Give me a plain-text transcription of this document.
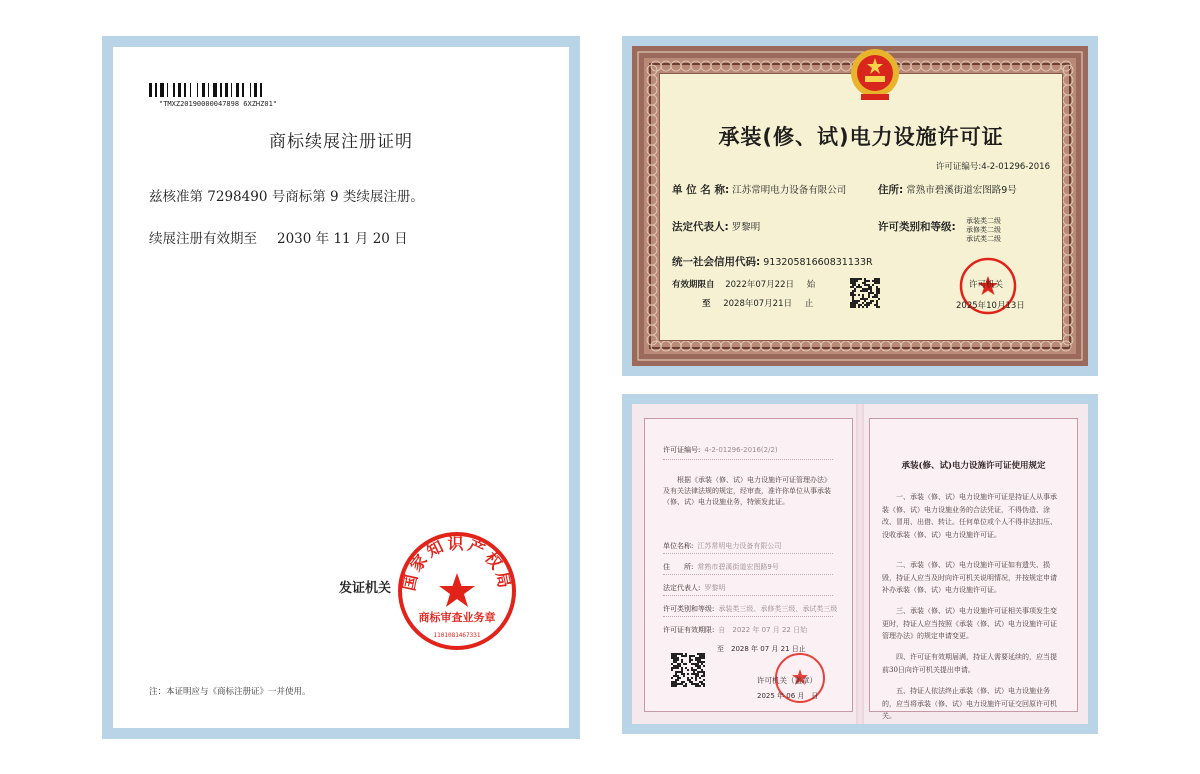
"TMXZ20190000047898 6XZHZ01"
商标续展注册证明
兹核准第 7298490 号商标第 9 类续展注册。
续展注册有效期至 2030 年 11 月 20 日
发证机关 国家知识产权局
商标审查业务章
1101081467331
注：本证明应与《商标注册证》一并使用。
承装(修、试)电力设施许可证
许可证编号:4-2-01296-2016
单 位 名 称: 江苏常明电力设备有限公司	住所: 常熟市碧溪街道宏图路9号
法定代表人: 罗黎明	许可类别和等级: 承装类二级
承修类二级
承试类二级
统一社会信用代码: 91320581660831133R
有效期限自 2022年07月22日 始
至 2028年07月21日 止
许可机关
2025年10月13日
许可证编号: 4-2-01296-2016(2/2)
根据《承装（修、试）电力设施许可证管理办法》及有关法律法规的规定，经审查，准许你单位从事承装（修、试）电力设施业务，特颁发此证。
单位名称: 江苏常明电力设备有限公司
住　　所: 常熟市碧溪街道宏图路9号
法定代表人: 罗黎明
许可类别和等级: 承装类三级、承修类三级、承试类三级
许可证有效期限: 自　2022 年 07 月 22 日始
至　2028 年 07 月 21 日止
许可机关（盖章）
2025 年 06 月　日
承装(修、试)电力设施许可证使用规定
一、承装（修、试）电力设施许可证是持证人从事承装（修、试）电力设施业务的合法凭证，不得伪造、涂改、冒用、出借、转让。任何单位或个人不得非法扣压、没收承装（修、试）电力设施许可证。
二、承装（修、试）电力设施许可证如有遗失、损毁，持证人应当及时向许可机关说明情况，并按规定申请补办承装（修、试）电力设施许可证。
三、承装（修、试）电力设施许可证相关事项发生变更时，持证人应当按照《承装（修、试）电力设施许可证管理办法》的规定申请变更。
四、许可证有效期届满，持证人需要延续的，应当提前30日向许可机关提出申请。
五、持证人依法终止承装（修、试）电力设施业务的，应当将承装（修、试）电力设施许可证交回原许可机关。
